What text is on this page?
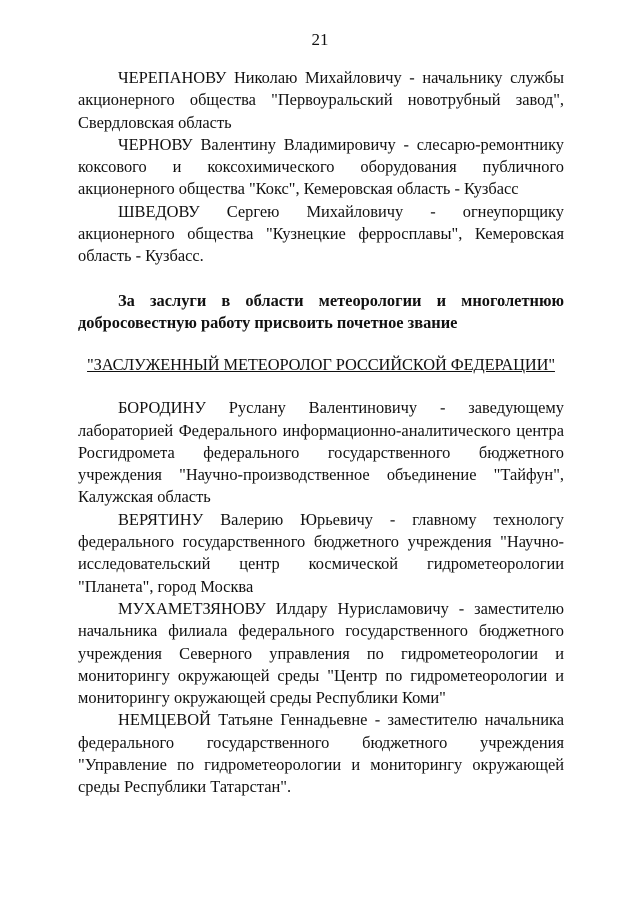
21

ЧЕРЕПАНОВУ Николаю Михайловичу - начальнику службы акционерного общества "Первоуральский новотрубный завод", Свердловская область

ЧЕРНОВУ Валентину Владимировичу - слесарю-ремонтнику коксового и коксохимического оборудования публичного акционерного общества "Кокс", Кемеровская область - Кузбасс

ШВЕДОВУ Сергею Михайловичу - огнеупорщику акционерного общества "Кузнецкие ферросплавы", Кемеровская область - Кузбасс.

За заслуги в области метеорологии и многолетнюю добросовестную работу присвоить почетное звание

"ЗАСЛУЖЕННЫЙ МЕТЕОРОЛОГ РОССИЙСКОЙ ФЕДЕРАЦИИ"

БОРОДИНУ Руслану Валентиновичу - заведующему лабораторией Федерального информационно-аналитического центра Росгидромета федерального государственного бюджетного учреждения "Научно-производственное объединение "Тайфун", Калужская область

ВЕРЯТИНУ Валерию Юрьевичу - главному технологу федерального государственного бюджетного учреждения "Научно-исследовательский центр космической гидрометеорологии "Планета", город Москва

МУХАМЕТЗЯНОВУ Илдару Нурисламовичу - заместителю начальника филиала федерального государственного бюджетного учреждения Северного управления по гидрометеорологии и мониторингу окружающей среды "Центр по гидрометеорологии и мониторингу окружающей среды Республики Коми"

НЕМЦЕВОЙ Татьяне Геннадьевне - заместителю начальника федерального государственного бюджетного учреждения "Управление по гидрометеорологии и мониторингу окружающей среды Республики Татарстан".
